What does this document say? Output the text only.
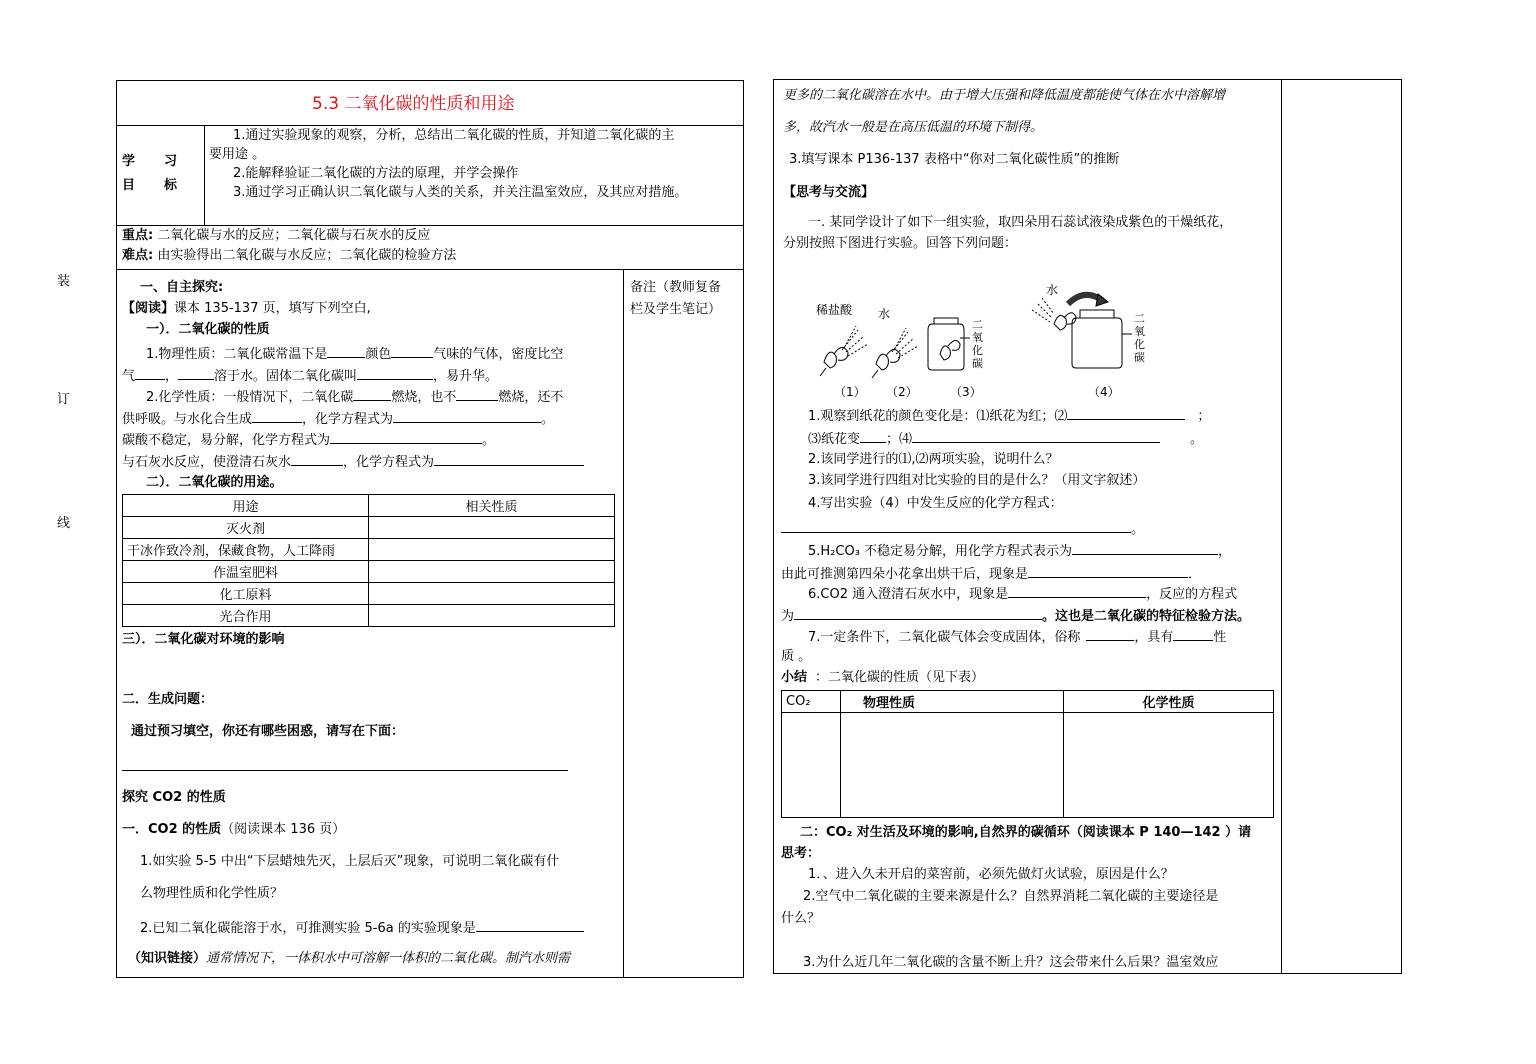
装
订
线
5.3 二氧化碳的性质和用途
学　　习
目　　标
1.通过实验现象的观察，分析，总结出二氧化碳的性质，并知道二氧化碳的主
要用途 。
2.能解释验证二氧化碳的方法的原理，并学会操作
3.通过学习正确认识二氧化碳与人类的关系，并关注温室效应，及其应对措施。
重点: 二氧化碳与水的反应；二氧化碳与石灰水的反应
难点: 由实验得出二氧化碳与水反应；二氧化碳的检验方法
备注（教师复备
栏及学生笔记）
一、自主探究:
【阅读】课本 135-137 页，填写下列空白,
一）．二氧化碳的性质
1.物理性质：二氧化碳常温下是	颜色	气味的气体，密度比空
气 ，	溶于水。固体二氧化碳叫	，易升华。
2.化学性质：一般情况下，二氧化碳	燃烧，也不	燃烧，还不
供呼吸。与水化合生成	，化学方程式为	。
碳酸不稳定，易分解，化学方程式为	。
与石灰水反应，使澄清石灰水	，化学方程式为
二）．二氧化碳的用途。
用途	相关性质
灭火剂	
干冰作致冷剂，保藏食物，人工降雨	
作温室肥料	
化工原料	
光合作用	
三）．二氧化碳对环境的影响
二．生成问题：
通过预习填空，你还有哪些困惑，请写在下面：
探究 CO2 的性质
一．CO2 的性质（阅读课本 136 页）
1.如实验 5-5 中出“下层蜡烛先灭，上层后灭”现象，可说明二氧化碳有什
么物理性质和化学性质？
2.已知二氧化碳能溶于水，可推测实验 5-6a 的实验现象是
（知识链接）通常情况下，一体积水中可溶解一体积的二氧化碳。制汽水则需
更多的二氧化碳溶在水中。由于增大压强和降低温度都能使气体在水中溶解增
多，故汽水一般是在高压低温的环境下制得。
3.填写课本 P136-137 表格中“你对二氧化碳性质”的推断
【思考与交流】
一. 某同学设计了如下一组实验，取四朵用石蕊试液染成紫色的干燥纸花，
分别按照下图进行实验。回答下列问题：
稀盐酸 水
水
二
氧
化
碳
二
氧
化
碳
（1） （2）	（3）	（4）
1.观察到纸花的颜色变化是：⑴纸花为红；⑵	；
⑶纸花变 ；⑷	。
2.该同学进行的⑴,⑵两项实验，说明什么？
3.该同学进行四组对比实验的目的是什么？（用文字叙述）
4.写出实验（4）中发生反应的化学方程式：
。
5.H₂CO₃ 不稳定易分解，用化学方程式表示为	，
由此可推测第四朵小花拿出烘干后，现象是	．
6.CO2 通入澄清石灰水中，现象是	，反应的方程式
为	。这也是二氧化碳的特征检验方法。
7.一定条件下，二氧化碳气体会变成固体，俗称	，具有	性
质 。
小结 ：二氧化碳的性质（见下表）
CO₂	物理性质	化学性质

二：CO₂ 对生活及环境的影响,自然界的碳循环（阅读课本 P 140—142 ）请
思考：
1．、进入久未开启的菜窖前，必须先做灯火试验，原因是什么？
2.空气中二氧化碳的主要来源是什么？自然界消耗二氧化碳的主要途径是
什么？
3.为什么近几年二氧化碳的含量不断上升？这会带来什么后果？温室效应
